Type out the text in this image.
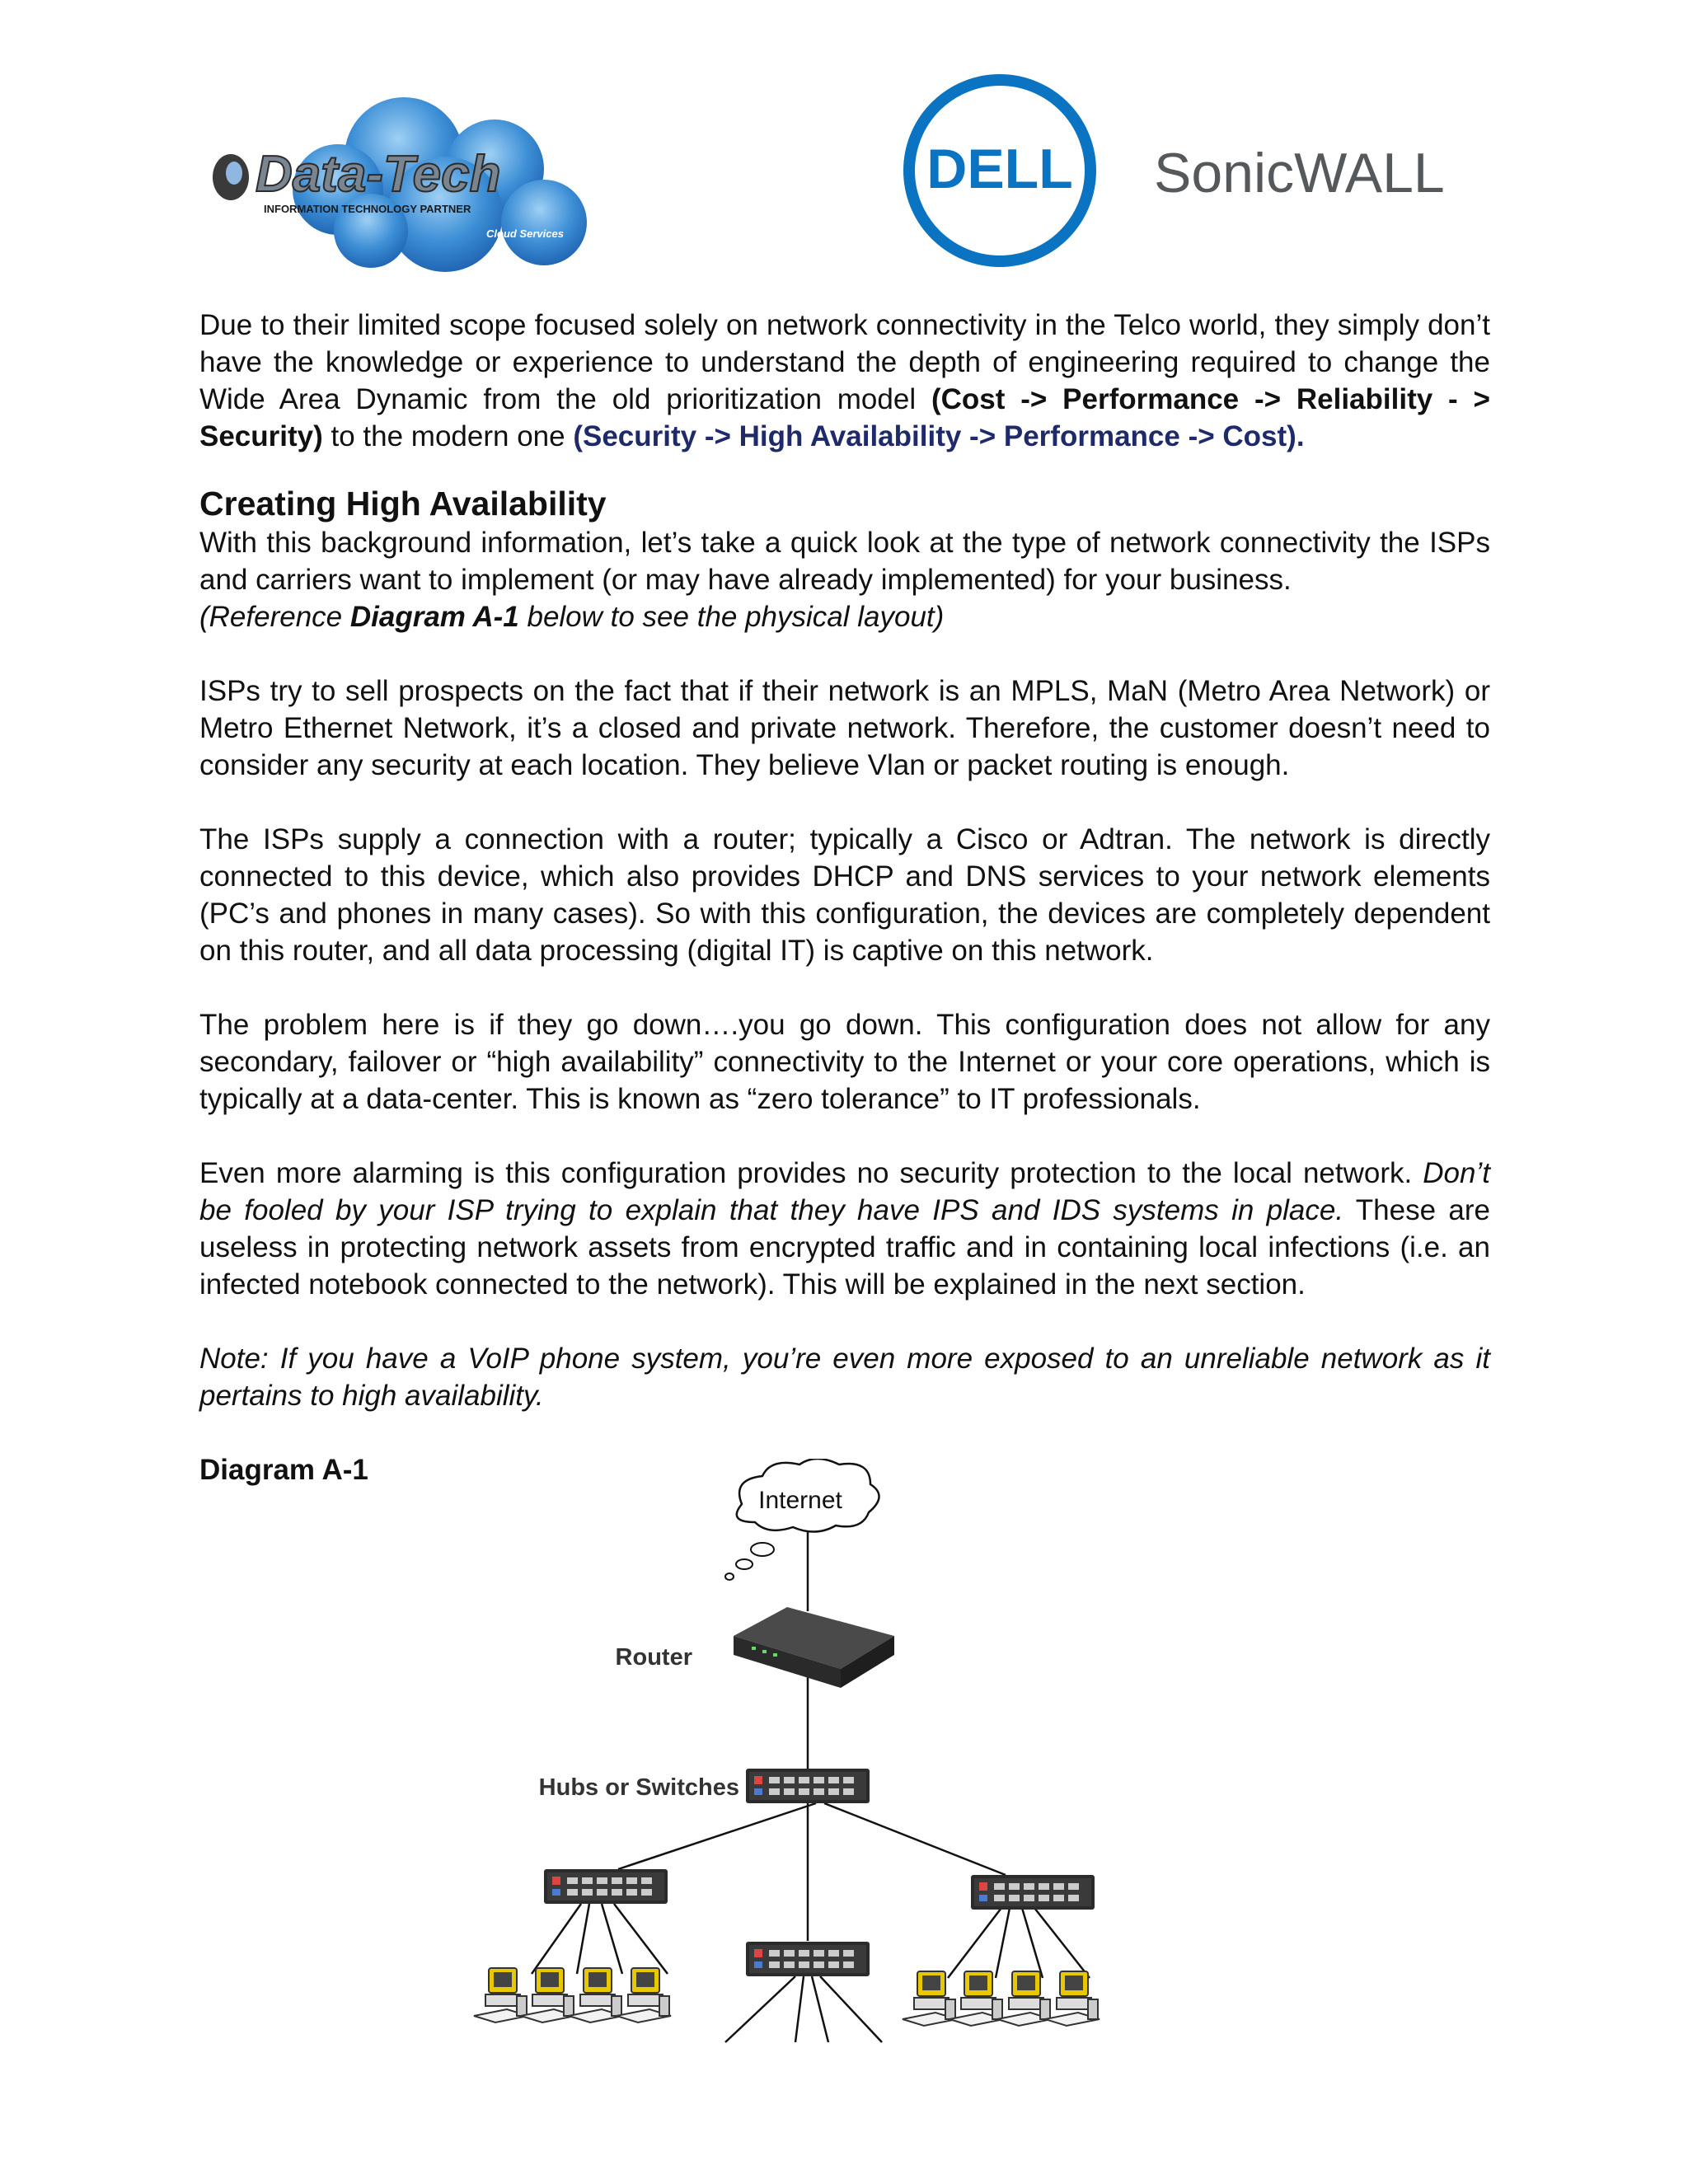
Data-Tech
INFORMATION TECHNOLOGY PARTNER
Cloud Services
DELL SonicWALL

Due to their limited scope focused solely on network connectivity in the Telco world, they simply don’t have the knowledge or experience to understand the depth of engineering required to change the Wide Area Dynamic from the old prioritization model (Cost -> Performance -> Reliability - > Security) to the modern one (Security -> High Availability -> Performance -> Cost).

Creating High Availability

With this background information, let’s take a quick look at the type of network connectivity the ISPs and carriers want to implement (or may have already implemented) for your business.

(Reference Diagram A-1 below to see the physical layout)

ISPs try to sell prospects on the fact that if their network is an MPLS, MaN (Metro Area Network) or Metro Ethernet Network, it’s a closed and private network. Therefore, the customer doesn’t need to consider any security at each location. They believe Vlan or packet routing is enough.

The ISPs supply a connection with a router; typically a Cisco or Adtran. The network is directly connected to this device, which also provides DHCP and DNS services to your network elements (PC’s and phones in many cases). So with this configuration, the devices are completely dependent on this router, and all data processing (digital IT) is captive on this network.

The problem here is if they go down….you go down. This configuration does not allow for any secondary, failover or “high availability” connectivity to the Internet or your core operations, which is typically at a data-center. This is known as “zero tolerance” to IT professionals.

Even more alarming is this configuration provides no security protection to the local network. Don’t be fooled by your ISP trying to explain that they have IPS and IDS systems in place. These are useless in protecting network assets from encrypted traffic and in containing local infections (i.e. an infected notebook connected to the network). This will be explained in the next section.

Note: If you have a VoIP phone system, you’re even more exposed to an unreliable network as it pertains to high availability.

Diagram A-1
Internet
Router
Hubs or Switches
